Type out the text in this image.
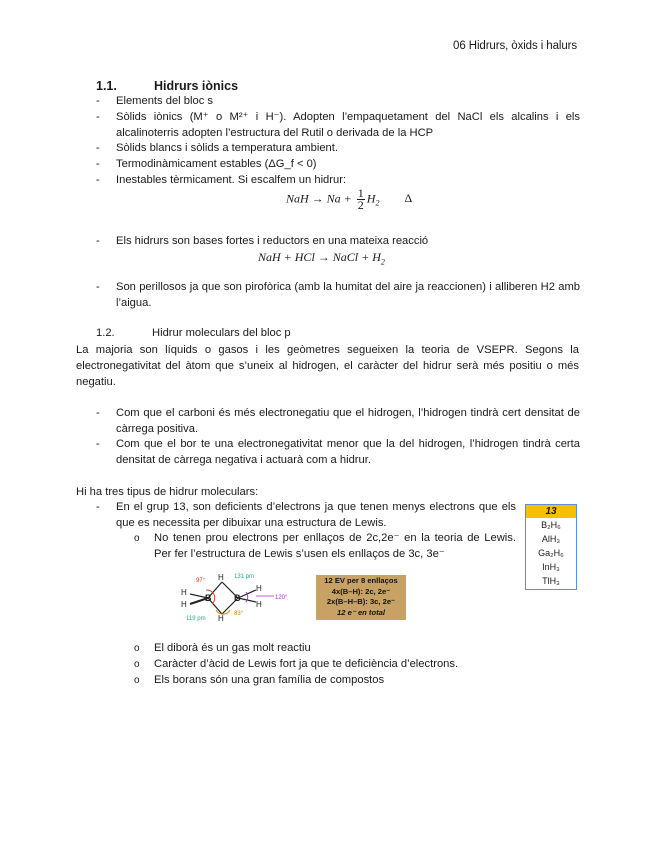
06 Hidrurs, òxids i halurs
1.1.	Hidrurs iònics
- Elements del bloc s
- Sòlids iònics (M⁺ o M²⁺ i H⁻). Adopten l’empaquetament del NaCl els alcalins i els alcalinoterris adopten l’estructura del Rutil o derivada de la HCP
- Sòlids blancs i sòlids a temperatura ambient.
- Termodinàmicament estables (ΔG_f < 0)
- Inestables tèrmicament. Si escalfem un hidrur:
NaH → $Na + \frac{1}{2} H_2$ Δ
- Els hidrurs son bases fortes i reductors en una mateixa reacció
NaH + HCl → NaCl + $H_2$
- Son perillosos ja que son pirofòrica (amb la humitat del aire ja reaccionen) i alliberen H2 amb l’aigua.
1.2.	Hidrur moleculars del bloc p
La majoria son líquids o gasos i les geòmetres segueixen la teoria de VSEPR. Segons la electronegativitat del àtom que s’uneix al hidrogen, el caràcter del hidrur serà més positiu o més negatiu.
- Com que el carboni és més electronegatiu que el hidrogen, l’hidrogen tindrà cert densitat de càrrega positiva.
- Com que el bor te una electronegativitat menor que la del hidrogen, l’hidrogen tindrà certa densitat de càrrega negativa i actuarà com a hidrur.
Hi ha tres tipus de hidrur moleculars:
- En el grup 13, son deficients d’electrons ja que tenen menys electrons que els que es necessita per dibuixar una estructura de Lewis.
o No tenen prou electrons per enllaços de 2c,2e⁻ en la teoria de Lewis. Per fer l’estructura de Lewis s’usen els enllaços de 3c, 3e⁻
13
B₂H₆
AlH₃
Ga₂H₆
InH₃
TlH₃
B	B
H
H
H
H
H
H
97°
131 pm
120°
83°
119 pm
12 EV per 8 enllaços
4x(B–H): 2c, 2e⁻
2x(B–H–B): 3c, 2e⁻
12 e⁻ en total
o El diborà és un gas molt reactiu
o Caràcter d’àcid de Lewis fort ja que te deficiència d’electrons.
o Els borans són una gran família de compostos
